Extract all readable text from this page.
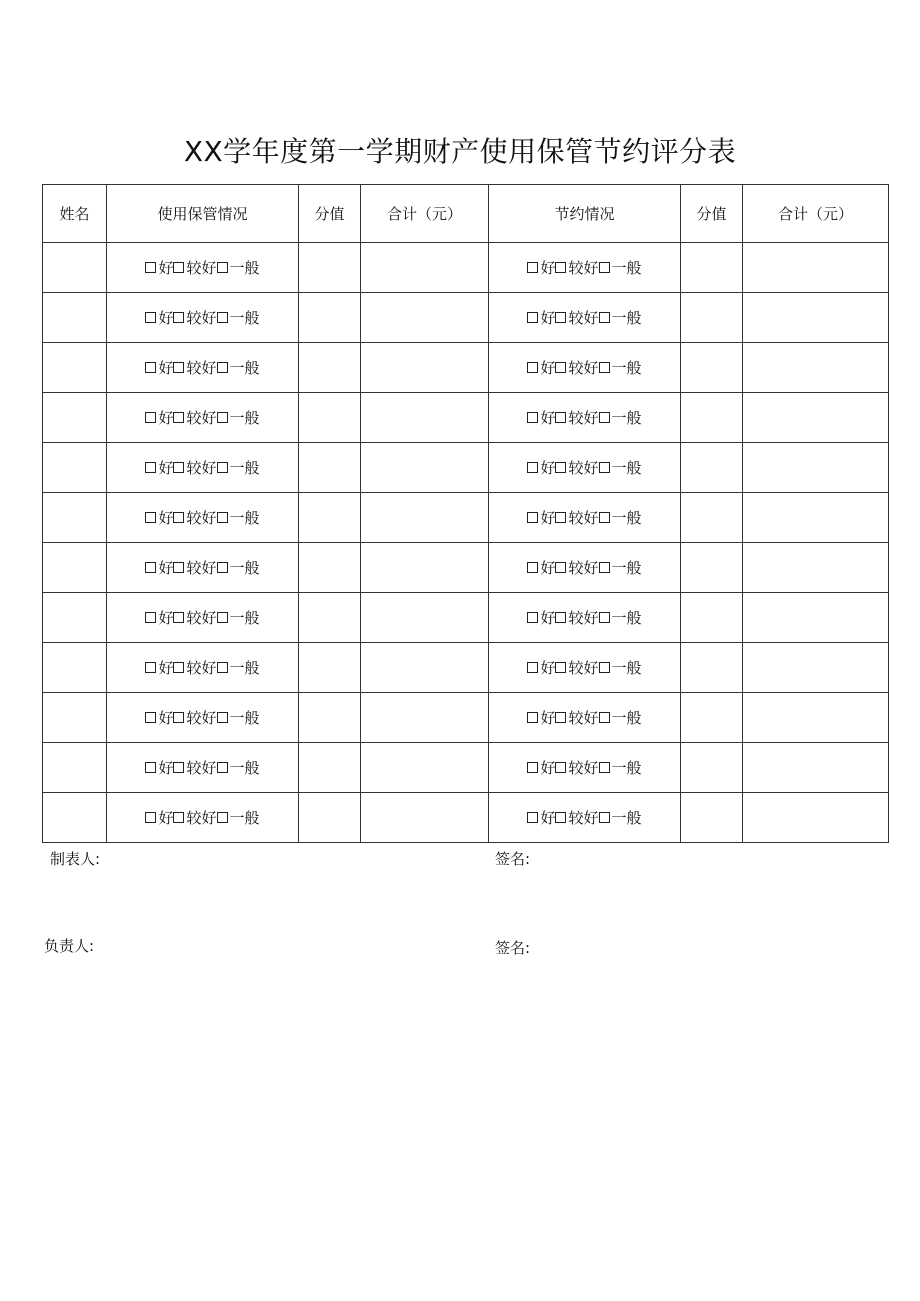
XX学年度第一学期财产使用保管节约评分表
姓名	使用保管情况	分值	合计（元）	节约情况	分值	合计（元）

	好 较好 一般			好 较好 一般		

	好 较好 一般			好 较好 一般		

	好 较好 一般			好 较好 一般		

	好 较好 一般			好 较好 一般		

	好 较好 一般			好 较好 一般		

	好 较好 一般			好 较好 一般		

	好 较好 一般			好 较好 一般		

	好 较好 一般			好 较好 一般		

	好 较好 一般			好 较好 一般		

	好 较好 一般			好 较好 一般		

	好 较好 一般			好 较好 一般		

	好 较好 一般			好 较好 一般		

制表人:	签名:
负责人:	签名:
